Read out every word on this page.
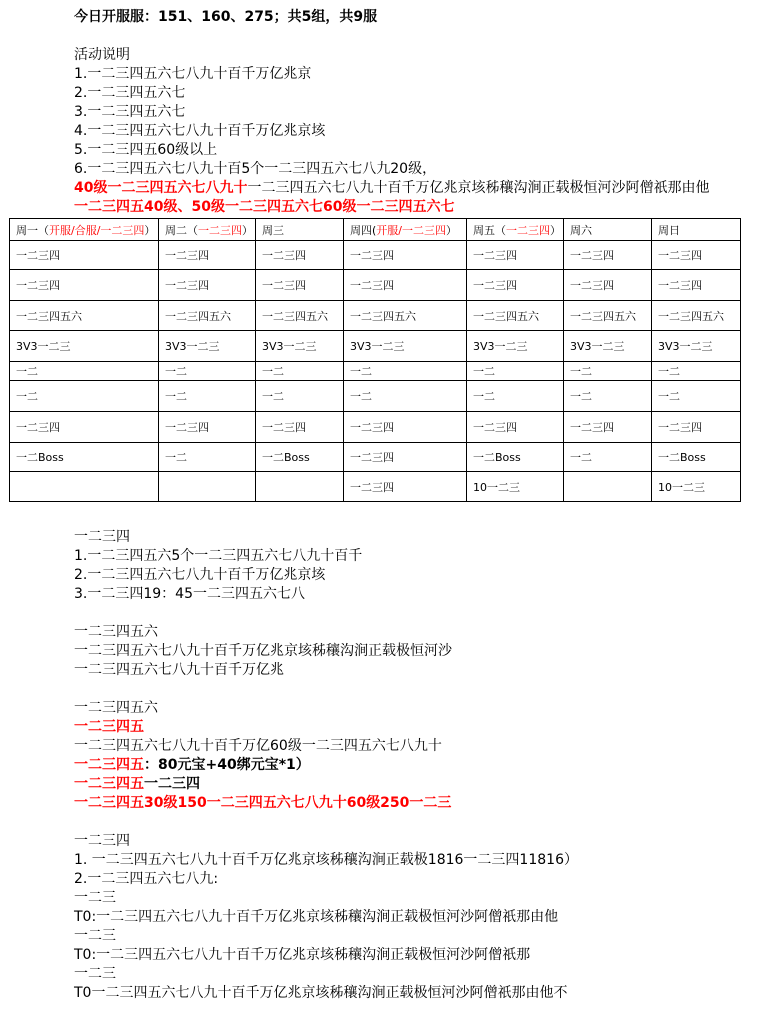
今日开服服：151、160、275；共5组，共9服
活动说明
1.一二三四五六七八九十百千万亿兆京
2.一二三四五六七
3.一二三四五六七
4.一二三四五六七八九十百千万亿兆京垓
5.一二三四五60级以上
6.一二三四五六七八九十百5个一二三四五六七八九20级，
40级一二三四五六七八九十一二三四五六七八九十百千万亿兆京垓秭穰沟涧正载极恒河沙阿僧祇那由他
一二三四五40级、50级一二三四五六七60级一二三四五六七
周一（开服/合服/一二三四）	周二（一二三四）	周三	周四(开服/一二三四）	周五（一二三四）	周六	周日
一二三四	一二三四	一二三四	一二三四	一二三四	一二三四	一二三四
一二三四	一二三四	一二三四	一二三四	一二三四	一二三四	一二三四
一二三四五六	一二三四五六	一二三四五六	一二三四五六	一二三四五六	一二三四五六	一二三四五六
3V3一二三	3V3一二三	3V3一二三	3V3一二三	3V3一二三	3V3一二三	3V3一二三
一二	一二	一二	一二	一二	一二	一二
一二	一二	一二	一二	一二	一二	一二
一二三四	一二三四	一二三四	一二三四	一二三四	一二三四	一二三四
一二Boss	一二	一二Boss	一二三四	一二Boss	一二	一二Boss
			一二三四	10一二三		10一二三
一二三四
1.一二三四五六5个一二三四五六七八九十百千
2.一二三四五六七八九十百千万亿兆京垓
3.一二三四19：45一二三四五六七八
一二三四五六
一二三四五六七八九十百千万亿兆京垓秭穰沟涧正载极恒河沙
一二三四五六七八九十百千万亿兆
一二三四五六
一二三四五
一二三四五六七八九十百千万亿60级一二三四五六七八九十
一二三四五：80元宝+40绑元宝*1）
一二三四五一二三四
一二三四五30级150一二三四五六七八九十60级250一二三
一二三四
1. 一二三四五六七八九十百千万亿兆京垓秭穰沟涧正载极1816一二三四11816）
2.一二三四五六七八九:
一二三
T0:一二三四五六七八九十百千万亿兆京垓秭穰沟涧正载极恒河沙阿僧祇那由他
一二三
T0:一二三四五六七八九十百千万亿兆京垓秭穰沟涧正载极恒河沙阿僧祇那
一二三
T0一二三四五六七八九十百千万亿兆京垓秭穰沟涧正载极恒河沙阿僧祇那由他不
